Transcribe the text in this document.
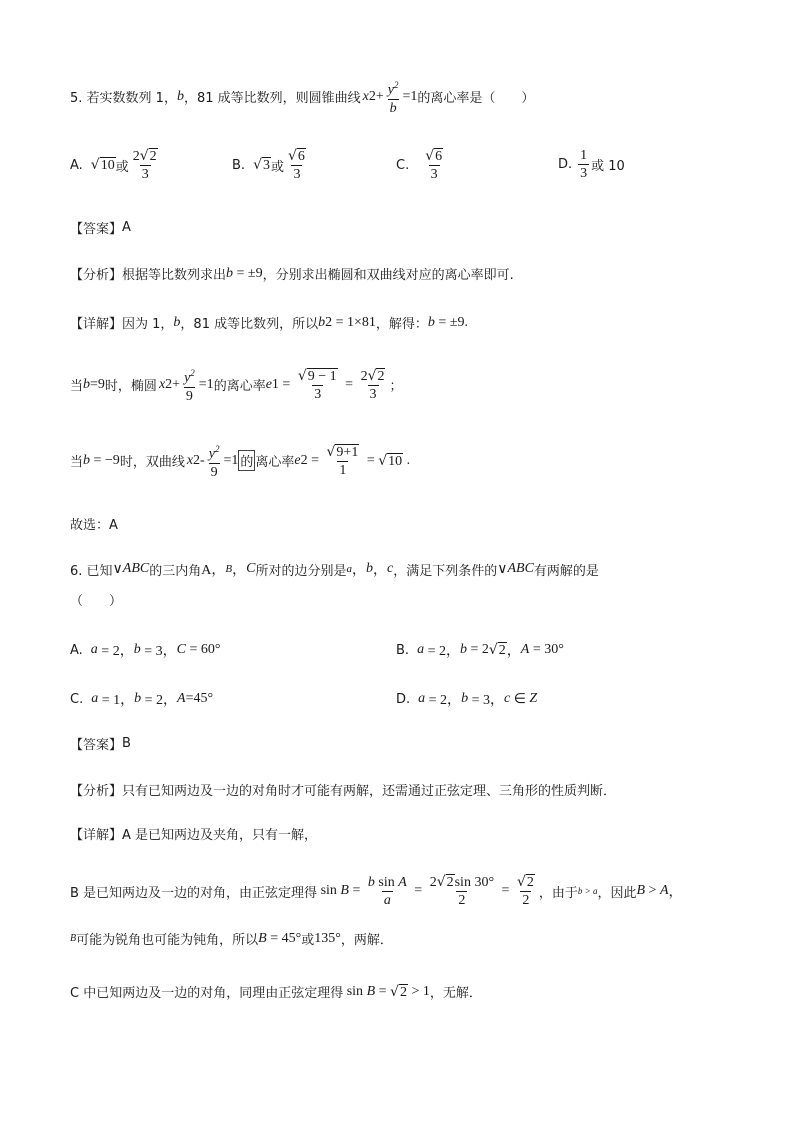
5. 若实数数列 1， b ，81 成等比数列，则圆锥曲线 x $2 + \frac{y^2}{b} =1$ 的离心率是（　　）
A. √ 10 或 $\frac{2 √ 2}{3}$	B. √ 3 或 $\frac{√ 6}{3}$	C. $\frac{√ 6}{3}$	D. $\frac{1}{3}$ 或 10
【答案】 A
【分析】 根据等比数列求出 b = ±9 ，分别求出椭圆和双曲线对应的离心率即可.
【详解】 因为 1， b ，81 成等比数列，所以 b 2 = 1×81 ，解得： b = ±9.
当 b =9 时，椭圆 x $2 + \frac{y^2}{9} =1$ 的离心率 e $1 = \frac{√ 9 - 1}{3} = \frac{2 √ 2}{3}$ ；
当 b = −9 时，双曲线 x $2 - \frac{y^2}{9} =1$ 的 离心率 e $2 = \frac{√ 9+1}{1}$ = √ 10 .
故选：A
6. 已知 ∨ ABC 的三内角 A， B ， C 所对的边分别是 a ， b ， c ，满足下列条件的 ∨ ABC 有两解的是
（　　）
A. a = 2， b = 3， C = 60°	B. a = 2， b = 2 √ 2 ， A = 30°
C. a = 1， b = 2， A =45°	D. a = 2， b = 3， c ∈ Z
【答案】 B
【分析】 只有已知两边及一边的对角时才可能有两解，还需通过正弦定理、三角形的性质判断．
【详解】 A 是已知两边及夹角，只有一解，
B 是已知两边及一边的对角，由正弦定理得 $\sin B = \frac{\text{b sin A}}{a} = \frac{2 √ 2 \sin 30^\circ}{2} = \frac{√ 2}{2}$ ，由于 b > a ，因此 B > A ，
B 可能为锐角也可能为钝角，所以 B = 45° 或 135° ，两解．
C 中已知两边及一边的对角，同理由正弦定理得 sin B = √ 2 > 1 ，无解．
